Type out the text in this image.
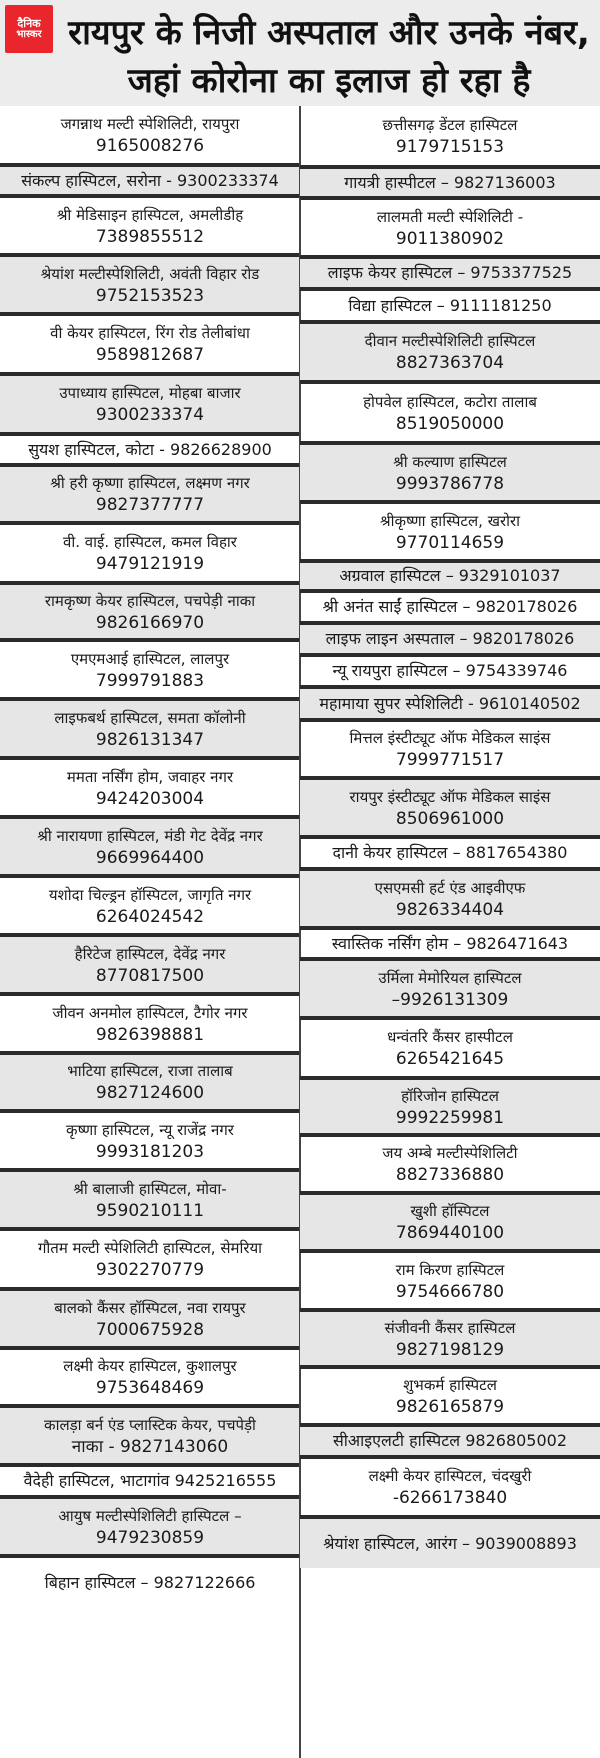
दैनिक
भास्कर रायपुर के निजी अस्पताल और उनके नंबर,
जहां कोरोना का इलाज हो रहा है
जगन्नाथ मल्टी स्पेशिलिटी, रायपुरा
9165008276
संकल्प हास्पिटल, सरोना - 9300233374
श्री मेडिसाइन हास्पिटल, अमलीडीह
7389855512
श्रेयांश मल्टीस्पेशिलिटी, अवंती विहार रोड
9752153523
वी केयर हास्पिटल, रिंग रोड तेलीबांधा
9589812687
उपाध्याय हास्पिटल, मोहबा बाजार
9300233374
सुयश हास्पिटल, कोटा - 9826628900
श्री हरी कृष्णा हास्पिटल, लक्ष्मण नगर
9827377777
वी. वाई. हास्पिटल, कमल विहार
9479121919
रामकृष्ण केयर हास्पिटल, पचपेड़ी नाका
9826166970
एमएमआई हास्पिटल, लालपुर
7999791883
लाइफबर्थ हास्पिटल, समता कॉलोनी
9826131347
ममता नर्सिंग होम, जवाहर नगर
9424203004
श्री नारायणा हास्पिटल, मंडी गेट देवेंद्र नगर
9669964400
यशोदा चिल्ड्रन हॉस्पिटल, जागृति नगर
6264024542
हैरिटेज हास्पिटल, देवेंद्र नगर
8770817500
जीवन अनमोल हास्पिटल, टैगोर नगर
9826398881
भाटिया हास्पिटल, राजा तालाब
9827124600
कृष्णा हास्पिटल, न्यू राजेंद्र नगर
9993181203
श्री बालाजी हास्पिटल, मोवा-
9590210111
गौतम मल्टी स्पेशिलिटी हास्पिटल, सेमरिया
9302270779
बालको कैंसर हॉस्पिटल, नवा रायपुर
7000675928
लक्ष्मी केयर हास्पिटल, कुशालपुर
9753648469
कालड़ा बर्न एंड प्लास्टिक केयर, पचपेड़ी
नाका - 9827143060
वैदेही हास्पिटल, भाटागांव 9425216555
आयुष मल्टीस्पेशिलिटी हास्पिटल –
9479230859
बिहान हास्पिटल – 9827122666
छत्तीसगढ़ डेंटल हास्पिटल
9179715153
गायत्री हास्पीटल – 9827136003
लालमती मल्टी स्पेशिलिटी -
9011380902
लाइफ केयर हास्पिटल – 9753377525
विद्या हास्पिटल – 9111181250
दीवान मल्टीस्पेशिलिटी हास्पिटल
8827363704
होपवेल हास्पिटल, कटोरा तालाब
8519050000
श्री कल्याण हास्पिटल
9993786778
श्रीकृष्णा हास्पिटल, खरोरा
9770114659
अग्रवाल हास्पिटल – 9329101037
श्री अनंत साईं हास्पिटल – 9820178026
लाइफ लाइन अस्पताल – 9820178026
न्यू रायपुरा हास्पिटल – 9754339746
महामाया सुपर स्पेशिलिटी - 9610140502
मित्तल इंस्टीट्यूट ऑफ मेडिकल साइंस
7999771517
रायपुर इंस्टीट्यूट ऑफ मेडिकल साइंस
8506961000
दानी केयर हास्पिटल – 8817654380
एसएमसी हर्ट एंड आइवीएफ
9826334404
स्वास्तिक नर्सिंग होम – 9826471643
उर्मिला मेमोरियल हास्पिटल
–9926131309
धन्वंतरि कैंसर हास्पीटल
6265421645
हॉरिजोन हास्पिटल
9992259981
जय अम्बे मल्टीस्पेशिलिटी
8827336880
खुशी हॉस्पिटल
7869440100
राम किरण हास्पिटल
9754666780
संजीवनी कैंसर हास्पिटल
9827198129
शुभकर्म हास्पिटल
9826165879
सीआइएलटी हास्पिटल 9826805002
लक्ष्मी केयर हास्पिटल, चंदखुरी
-6266173840
श्रेयांश हास्पिटल, आरंग – 9039008893
